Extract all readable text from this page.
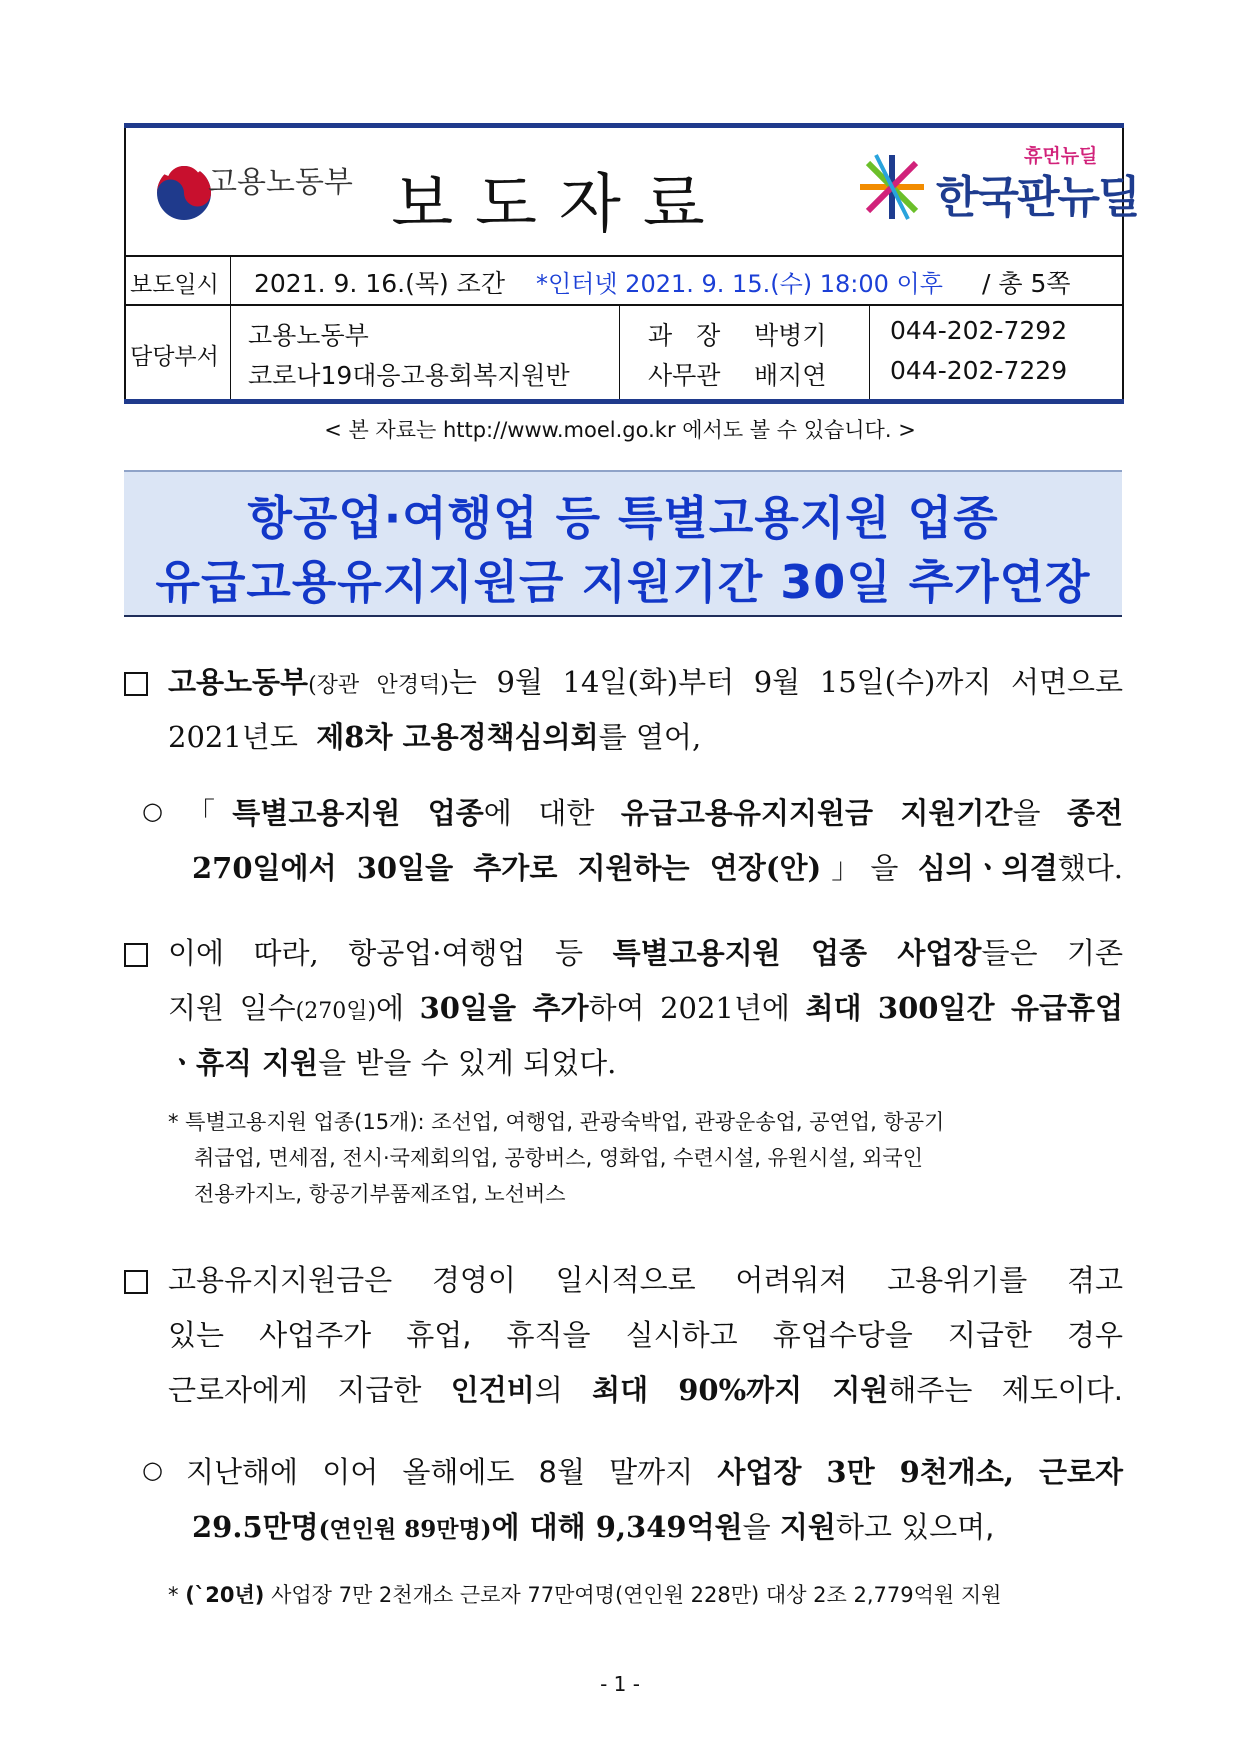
고용노동부 보도자료
휴먼뉴딜
한국판뉴딜
보도일시 2021. 9. 16.(목) 조간 *인터넷 2021. 9. 15.(수) 18:00 이후 / 총 5쪽
담당부서
고용노동부
코로나19대응고용회복지원반
과 장 박병기
사무관 배지연
044-202-7292
044-202-7229
< 본 자료는 http://www.moel.go.kr 에서도 볼 수 있습니다. >
항공업·여행업 등 특별고용지원 업종
유급고용유지지원금 지원기간 30일 추가연장
고용노동부(장관 안경덕)는 9월 14일(화)부터 9월 15일(수)까지 서면으로
2021년도 제8차 고용정책심의회를 열어,
○ 「특별고용지원 업종에 대한 유급고용유지지원금 지원기간을 종전
270일에서 30일을 추가로 지원하는 연장(안)」을 심의ㆍ의결했다.
이에 따라, 항공업·여행업 등 특별고용지원 업종 사업장들은 기존
지원 일수(270일)에 30일을 추가하여 2021년에 최대 300일간 유급휴업
ㆍ휴직 지원을 받을 수 있게 되었다.
* 특별고용지원 업종(15개): 조선업, 여행업, 관광숙박업, 관광운송업, 공연업, 항공기
취급업, 면세점, 전시·국제회의업, 공항버스, 영화업, 수련시설, 유원시설, 외국인
전용카지노, 항공기부품제조업, 노선버스
고용유지지원금은 경영이 일시적으로 어려워져 고용위기를 겪고
있는 사업주가 휴업, 휴직을 실시하고 휴업수당을 지급한 경우
근로자에게 지급한 인건비의 최대 90%까지 지원해주는 제도이다.
○ 지난해에 이어 올해에도 8월 말까지 사업장 3만 9천개소, 근로자
29.5만명(연인원 89만명)에 대해 9,349억원을 지원하고 있으며,
* (`20년) 사업장 7만 2천개소 근로자 77만여명(연인원 228만) 대상 2조 2,779억원 지원
- 1 -
